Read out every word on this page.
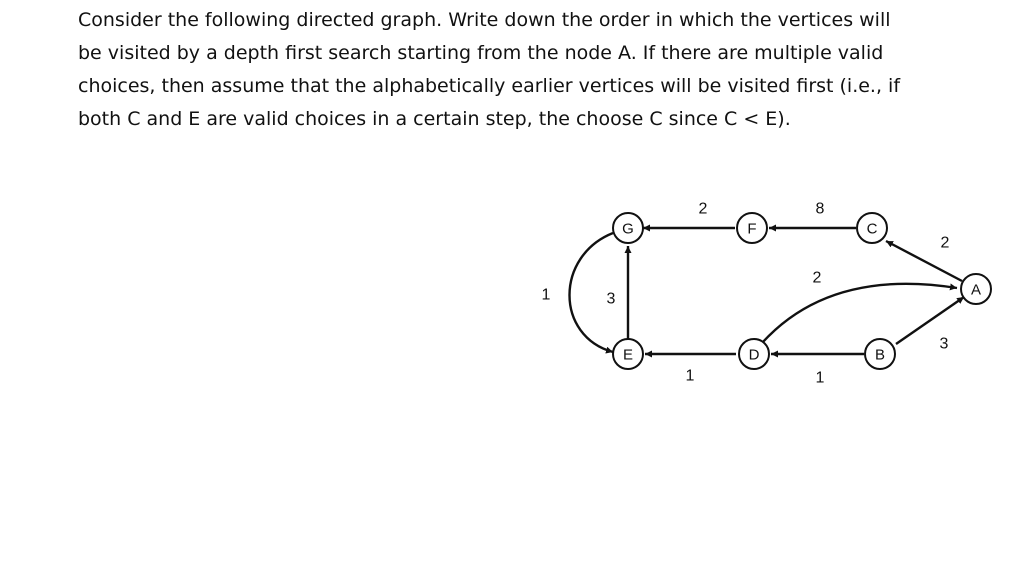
Consider the following directed graph. Write down the order in which the vertices will
be visited by a depth first search starting from the node A. If there are multiple valid
choices, then assume that the alphabetically earlier vertices will be visited first (i.e., if
both C and E are valid choices in a certain step, the choose C since C < E).
2	8
2
2
3
3
1
1	1
G	F	C
A
E	D	B
